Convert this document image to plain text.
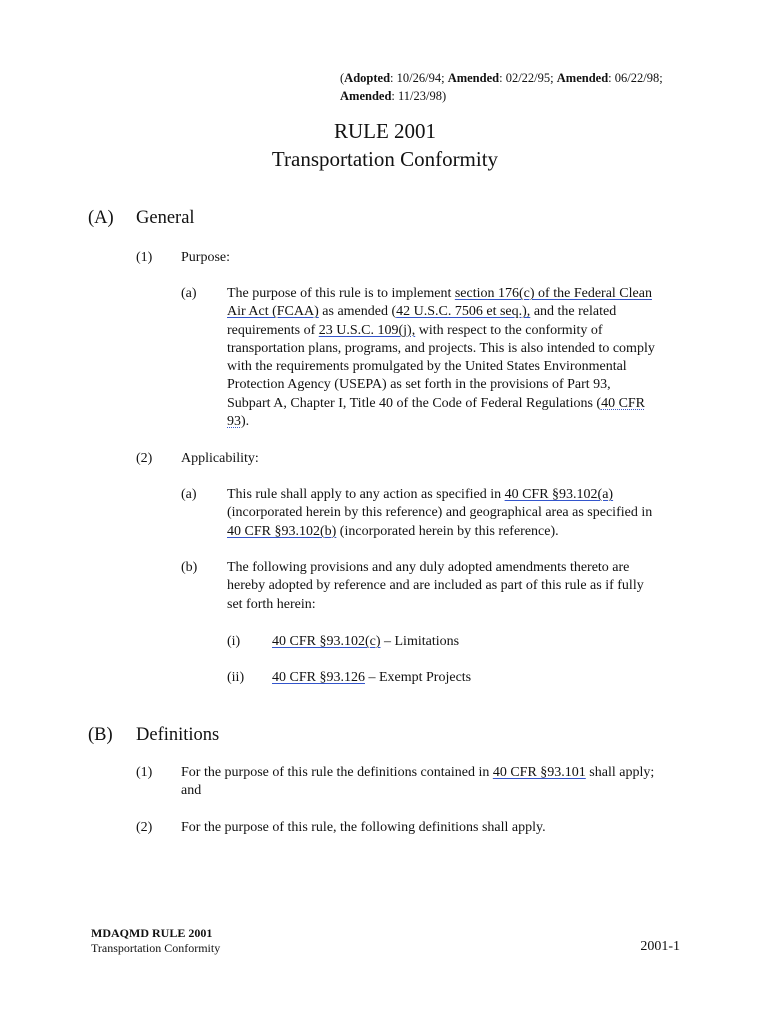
(Adopted: 10/26/94; Amended: 02/22/95; Amended: 06/22/98;
Amended: 11/23/98)
RULE 2001
Transportation Conformity
(A) General
(1) Purpose:
(a) The purpose of this rule is to implement section 176(c) of the Federal Clean Air Act (FCAA) as amended (42 U.S.C. 7506 et seq.), and the related requirements of 23 U.S.C. 109(j), with respect to the conformity of transportation plans, programs, and projects. This is also intended to comply with the requirements promulgated by the United States Environmental Protection Agency (USEPA) as set forth in the provisions of Part 93, Subpart A, Chapter I, Title 40 of the Code of Federal Regulations (40 CFR 93).
(2) Applicability:
(a) This rule shall apply to any action as specified in 40 CFR §93.102(a) (incorporated herein by this reference) and geographical area as specified in 40 CFR §93.102(b) (incorporated herein by this reference).
(b) The following provisions and any duly adopted amendments thereto are hereby adopted by reference and are included as part of this rule as if fully set forth herein:
(i) 40 CFR §93.102(c) – Limitations
(ii) 40 CFR §93.126 – Exempt Projects
(B) Definitions
(1) For the purpose of this rule the definitions contained in 40 CFR §93.101 shall apply; and
(2) For the purpose of this rule, the following definitions shall apply.
MDAQMD RULE 2001
Transportation Conformity	2001-1
